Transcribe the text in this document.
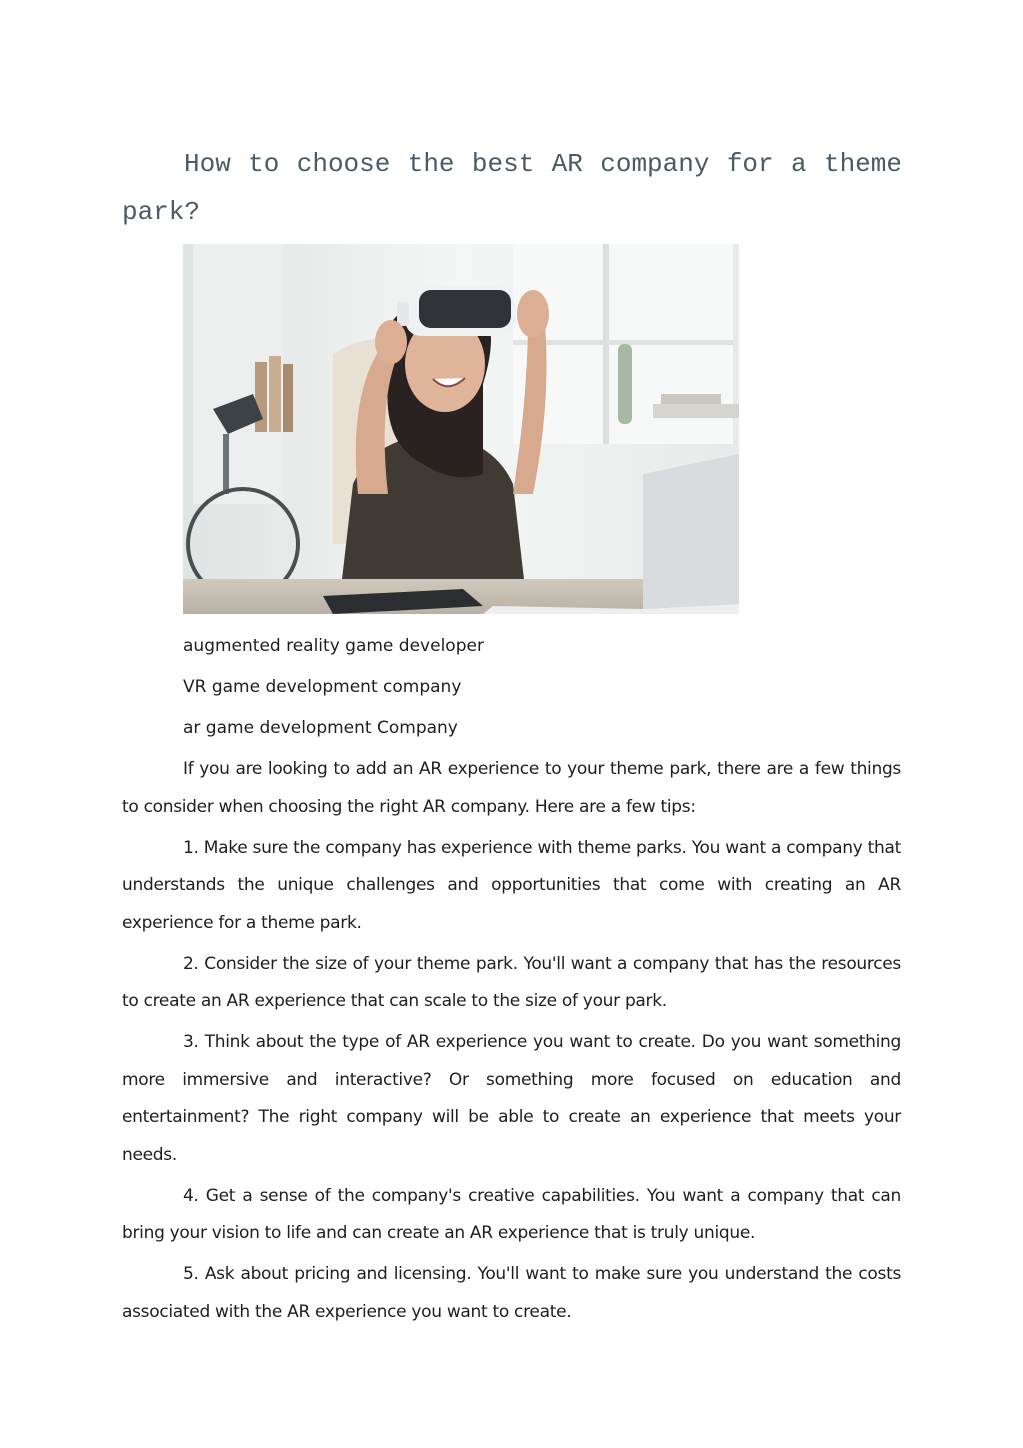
How to choose the best AR company for a theme park?

augmented reality game developer

VR game development company

ar game development Company

If you are looking to add an AR experience to your theme park, there are a few things to consider when choosing the right AR company. Here are a few tips:

1. Make sure the company has experience with theme parks. You want a company that understands the unique challenges and opportunities that come with creating an AR experience for a theme park.

2. Consider the size of your theme park. You'll want a company that has the resources to create an AR experience that can scale to the size of your park.

3. Think about the type of AR experience you want to create. Do you want something more immersive and interactive? Or something more focused on education and entertainment? The right company will be able to create an experience that meets your needs.

4. Get a sense of the company's creative capabilities. You want a company that can bring your vision to life and can create an AR experience that is truly unique.

5. Ask about pricing and licensing. You'll want to make sure you understand the costs associated with the AR experience you want to create.
